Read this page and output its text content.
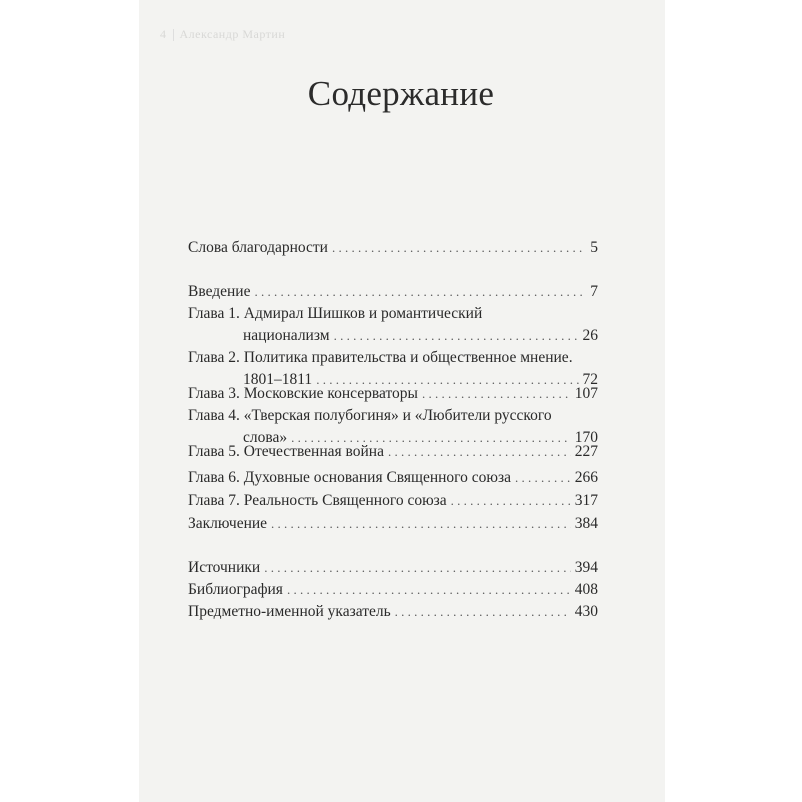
4 Александр Мартин
Содержание
Слова благодарности . . .	5
Введение . . .	7
Глава 1. Адмирал Шишков и романтический
национализм . . .	26
Глава 2. Политика правительства и общественное мнение.
1801–1811 . . .	72
Глава 3. Московские консерваторы . . .	107
Глава 4. «Тверская полубогиня» и «Любители русского
слова» . . .	170
Глава 5. Отечественная война . . .	227
Глава 6. Духовные основания Священного союза . . .	266
Глава 7. Реальность Священного союза . . .	317
Заключение . . .	384
Источники . . .	394
Библиография . . .	408
Предметно-именной указатель . . .	430
